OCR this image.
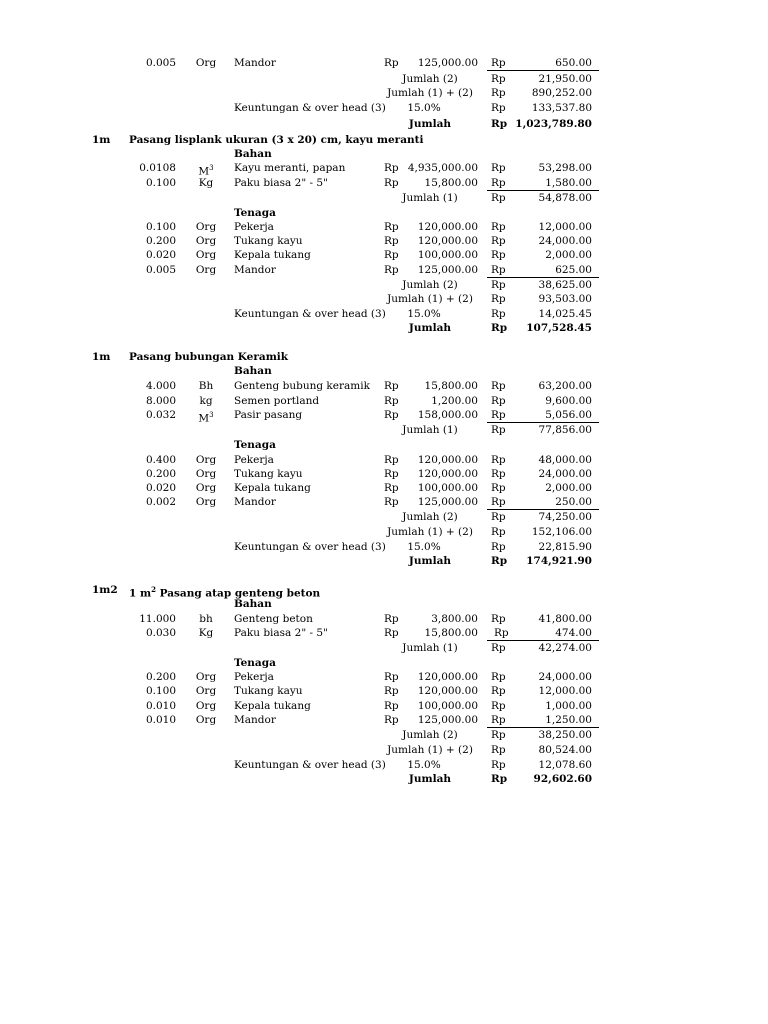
0.005	Org	Mandor	Rp	125,000.00 Rp	650.00
Jumlah (2)	Rp	21,950.00
Jumlah (1) + (2)	Rp	890,252.00
Keuntungan & over head (3)	15.0%	Rp	133,537.80
Jumlah	Rp 1,023,789.80
1m Pasang lisplank ukuran (3 x 20) cm, kayu meranti
Bahan
0.0108	$M^3$	Kayu meranti, papan	Rp 4,935,000.00 Rp	53,298.00
0.100	Kg	Paku biasa 2" - 5"	Rp	15,800.00 Rp	1,580.00
Jumlah (1)	Rp	54,878.00
Tenaga
0.100	Org	Pekerja	Rp	120,000.00 Rp	12,000.00
0.200	Org	Tukang kayu	Rp	120,000.00 Rp	24,000.00
0.020	Org	Kepala tukang	Rp	100,000.00 Rp	2,000.00
0.005	Org	Mandor	Rp	125,000.00 Rp	625.00
Jumlah (2)	Rp	38,625.00
Jumlah (1) + (2)	Rp	93,503.00
Keuntungan & over head (3)	15.0%	Rp	14,025.45
Jumlah	Rp	107,528.45
1m Pasang bubungan Keramik
Bahan
4.000	Bh	Genteng bubung keramik Rp	15,800.00 Rp	63,200.00
8.000	kg	Semen portland	Rp	1,200.00 Rp	9,600.00
0.032	$M^3$	Pasir pasang	Rp	158,000.00 Rp	5,056.00
Jumlah (1)	Rp	77,856.00
Tenaga
0.400	Org	Pekerja	Rp	120,000.00 Rp	48,000.00
0.200	Org	Tukang kayu	Rp	120,000.00 Rp	24,000.00
0.020	Org	Kepala tukang	Rp	100,000.00 Rp	2,000.00
0.002	Org	Mandor	Rp	125,000.00 Rp	250.00
Jumlah (2)	Rp	74,250.00
Jumlah (1) + (2)	Rp	152,106.00
Keuntungan & over head (3)	15.0%	Rp	22,815.90
Jumlah	Rp	174,921.90
1m2 1 $m^2$ Pasang atap genteng beton
Bahan
11.000	bh	Genteng beton	Rp	3,800.00 Rp	41,800.00
0.030	Kg	Paku biasa 2" - 5"	Rp	15,800.00 Rp	474.00
Jumlah (1)	Rp	42,274.00
Tenaga
0.200	Org	Pekerja	Rp	120,000.00 Rp	24,000.00
0.100	Org	Tukang kayu	Rp	120,000.00 Rp	12,000.00
0.010	Org	Kepala tukang	Rp	100,000.00 Rp	1,000.00
0.010	Org	Mandor	Rp	125,000.00 Rp	1,250.00
Jumlah (2)	Rp	38,250.00
Jumlah (1) + (2)	Rp	80,524.00
Keuntungan & over head (3)	15.0%	Rp	12,078.60
Jumlah	Rp	92,602.60
